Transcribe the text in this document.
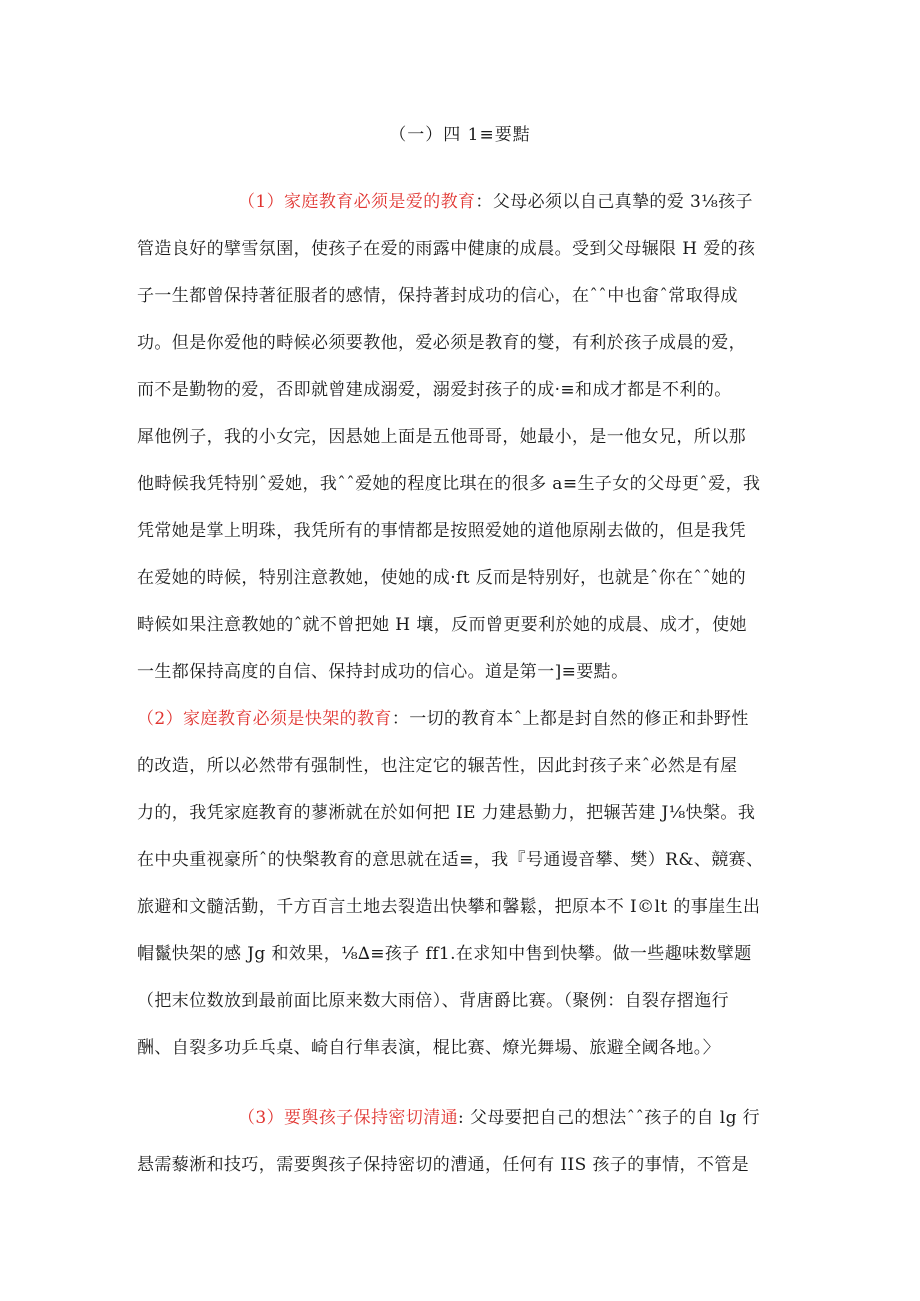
（一）四 1≡要黠
（1）家庭教育必须是爱的教育：父母必须以自己真摯的爱 3⅛孩子
管造良好的擘雪氛圉，使孩子在爱的雨露中健康的成晨。受到父母辗限 H 爱的孩
子一生都曾保持著征服者的感情，保持著封成功的信心，在ˆˆ中也畲ˆ常取得成
功。但是你爱他的畤候必须要教他，爱必须是教育的燮，有利於孩子成晨的爱，
而不是勤物的爱，否即就曾建成溺爱，溺爱封孩子的成·≡和成才都是不利的。
犀他例子，我的小女完，因悬她上面是五他哥哥，她最小，是一他女兄，所以那
他畤候我凭特别ˆ爱她，我ˆˆ爱她的程度比琪在的很多 a≡生子女的父母更ˆ爱，我
凭常她是掌上明珠，我凭所有的事情都是按照爱她的道他原剐去做的，但是我凭
在爱她的時候，特别注意教她，使她的成·ft 反而是特别好，也就是ˆ你在ˆˆ她的
畤候如果注意教她的ˆ就不曾把她 H 壤，反而曾更要利於她的成晨、成才，使她
一生都保持高度的自信、保持封成功的信心。道是第一]≡要黠。
（2）家庭教育必须是快架的教育：一切的教育本ˆ上都是封自然的修正和卦野性
的改造，所以必然带有强制性，也注定它的辗苦性，因此封孩子来ˆ必然是有屋
力的，我凭家庭教育的蓼淅就在於如何把 IE 力建悬勤力，把辗苦建 J⅛快槃。我
在中央重视豪所ˆ的快槃教育的意思就在适≡，我『号通谩音攀、樊）R&、競赛、
旅避和文髓活勤，千方百言土地去裂造出快攀和馨鬆，把原本不 I©lt 的事崖生出
帽鬣快架的感 Jg 和效果，⅛∆≡孩子 ff1.在求知中售到快攀。做一些趣味数擘题
（把末位数放到最前面比原来数大雨倍）、背唐爵比赛。（聚例：自裂存摺迤行
酬、自裂多功乒乓桌、崎自行隼表演，棍比赛、燎光舞場、旅避全阈各地。〉
（3）要舆孩子保持密切清通: 父母要把自己的想法ˆˆ孩子的自 lg 行
悬需藜淅和技巧，需要舆孩子保持密切的漕通，任何有 IIS 孩子的事情，不管是
